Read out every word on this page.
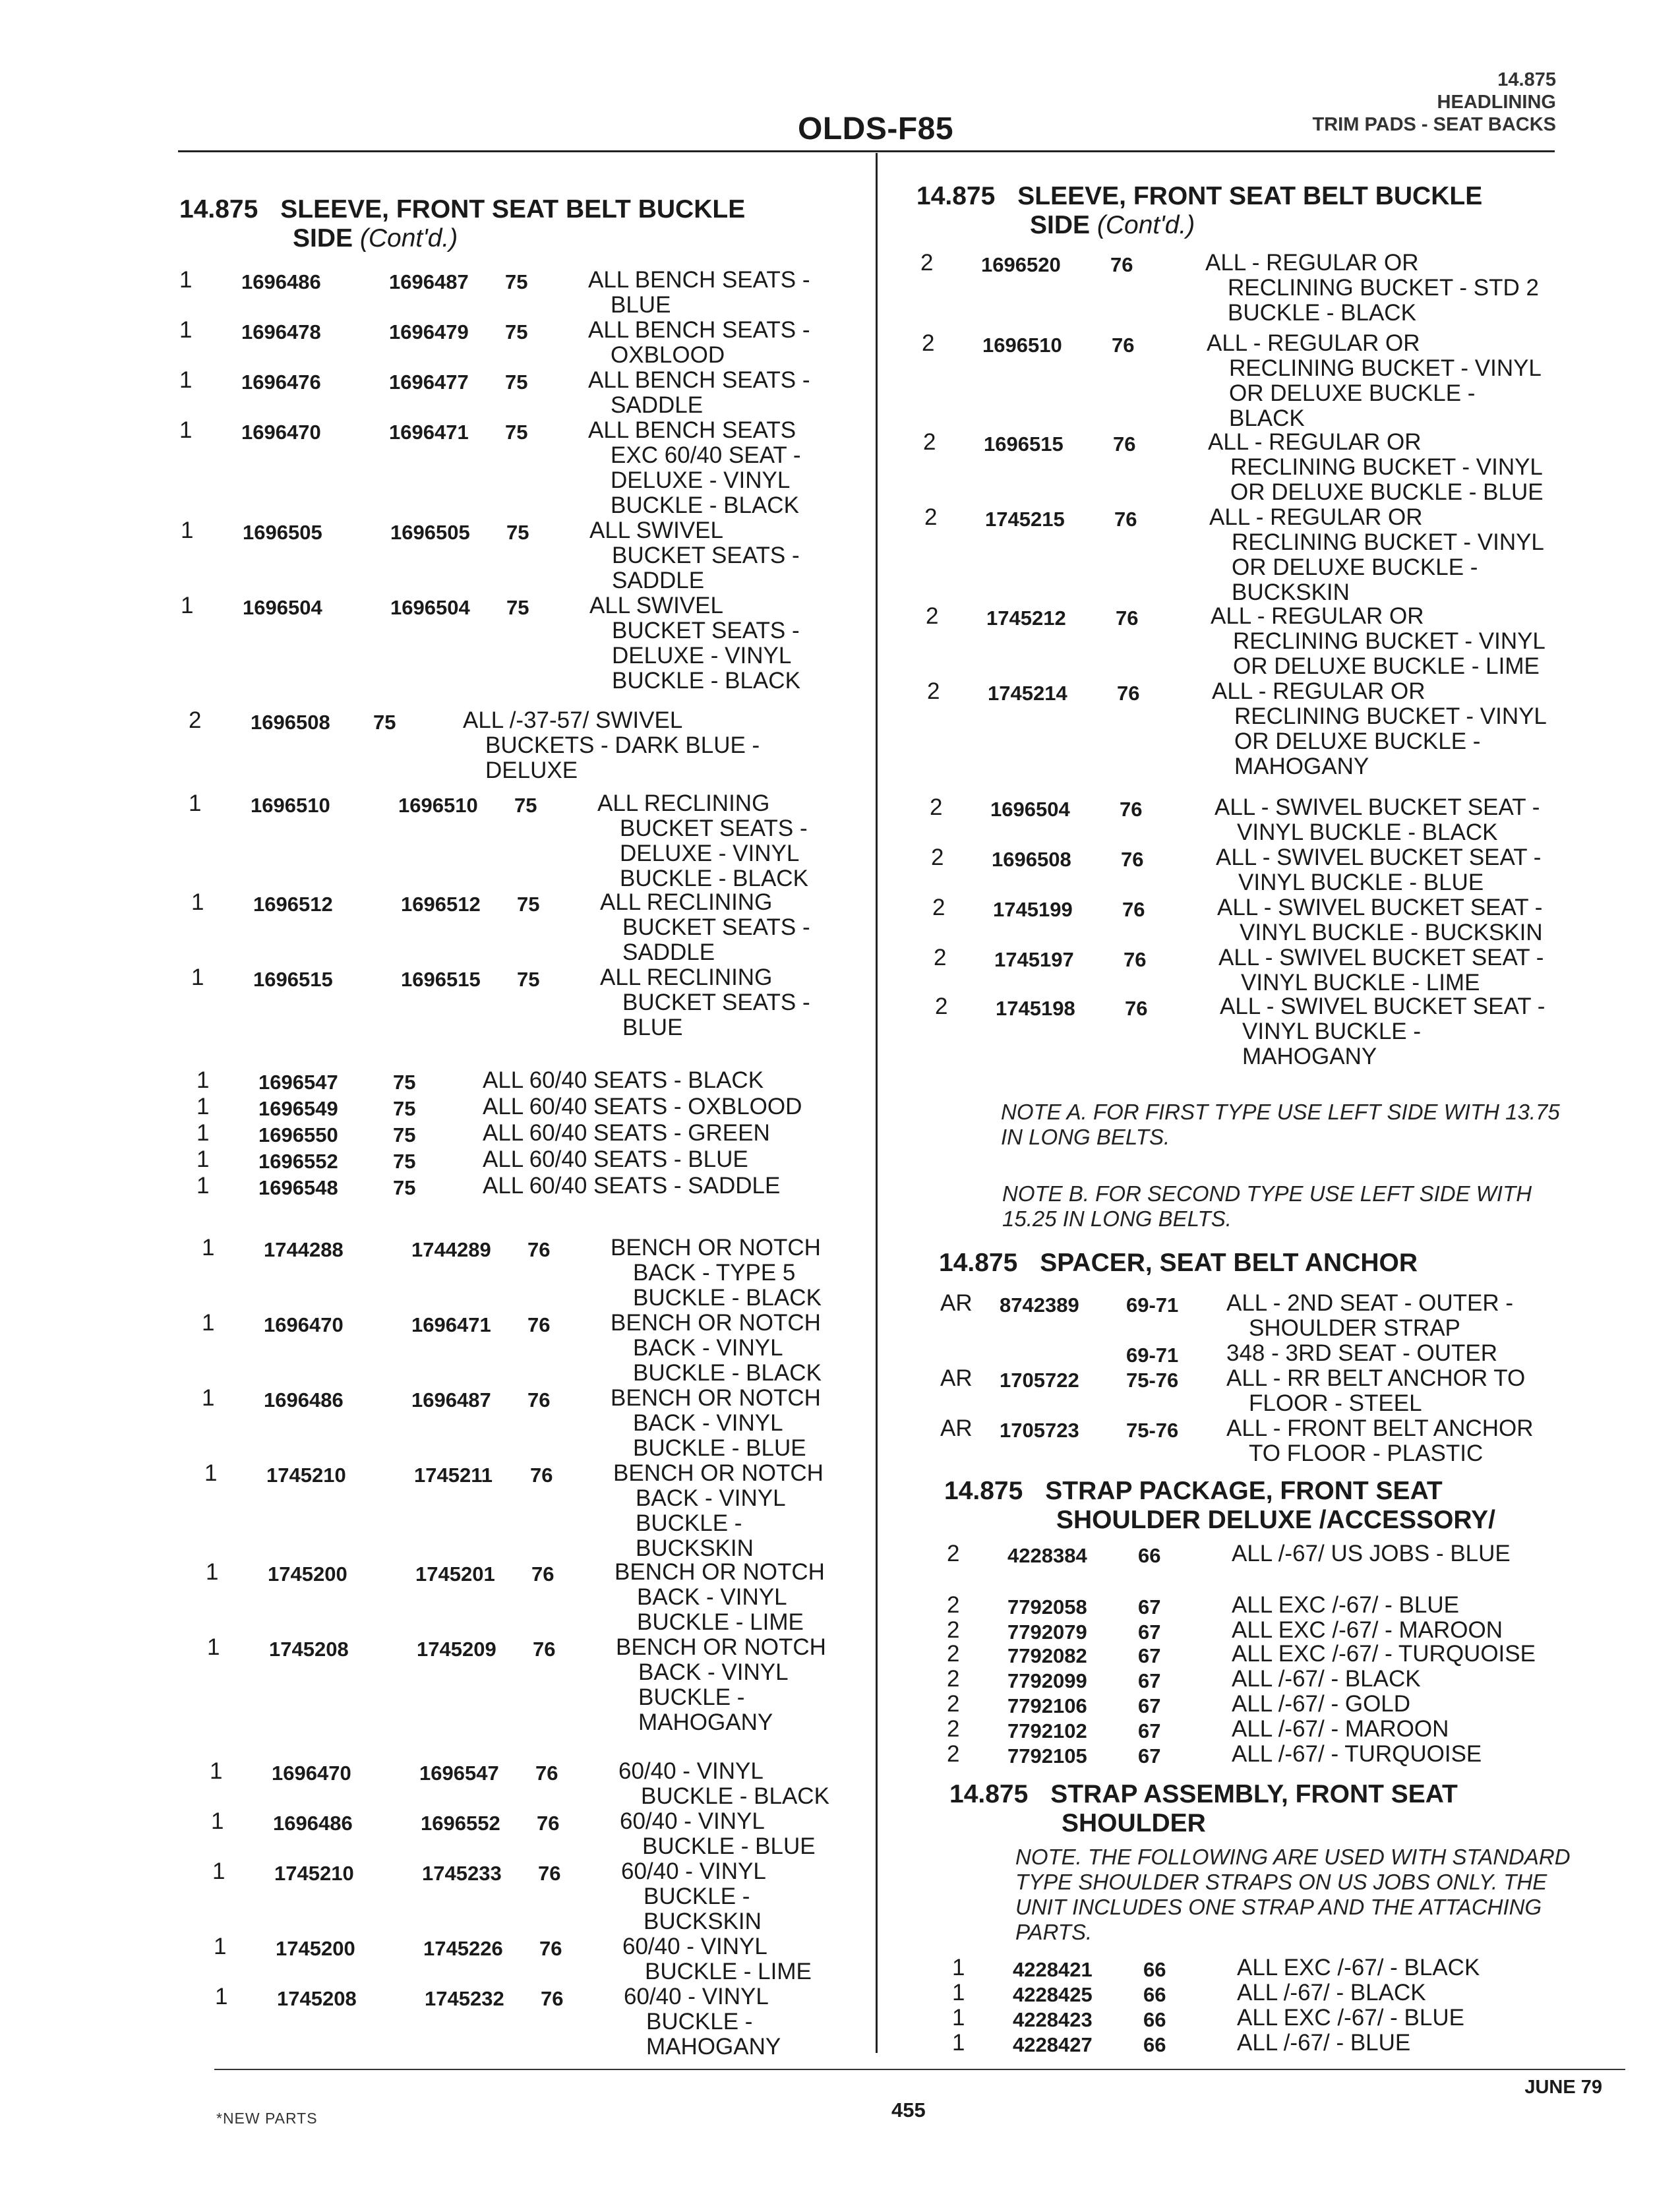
14.875
HEADLINING
TRIM PADS - SEAT BACKS
OLDS-F85
*NEW PARTS	455
JUNE 79
14.875 SLEEVE, FRONT SEAT BELT BUCKLE
SIDE (Cont'd.)
1 1696486	1696487 75	ALL BENCH SEATS -
BLUE
1 1696478	1696479 75	ALL BENCH SEATS -
OXBLOOD
1 1696476	1696477 75	ALL BENCH SEATS -
SADDLE
1 1696470	1696471 75	ALL BENCH SEATS
EXC 60/40 SEAT -
DELUXE - VINYL
BUCKLE - BLACK
1 1696505	1696505 75	ALL SWIVEL
BUCKET SEATS -
SADDLE
1 1696504	1696504 75	ALL SWIVEL
BUCKET SEATS -
DELUXE - VINYL
BUCKLE - BLACK
2 1696508 75	ALL /-37-57/ SWIVEL
BUCKETS - DARK BLUE -
DELUXE
1 1696510	1696510 75	ALL RECLINING
BUCKET SEATS -
DELUXE - VINYL
BUCKLE - BLACK
1 1696512	1696512 75	ALL RECLINING
BUCKET SEATS -
SADDLE
1 1696515	1696515 75	ALL RECLINING
BUCKET SEATS -
BLUE
1 1696547	75	ALL 60/40 SEATS - BLACK
1 1696549	75	ALL 60/40 SEATS - OXBLOOD
1 1696550	75	ALL 60/40 SEATS - GREEN
1 1696552	75	ALL 60/40 SEATS - BLUE
1 1696548	75	ALL 60/40 SEATS - SADDLE
1 1744288	1744289 76	BENCH OR NOTCH
BACK - TYPE 5
BUCKLE - BLACK
1 1696470	1696471 76	BENCH OR NOTCH
BACK - VINYL
BUCKLE - BLACK
1 1696486	1696487 76	BENCH OR NOTCH
BACK - VINYL
BUCKLE - BLUE
1 1745210	1745211 76	BENCH OR NOTCH
BACK - VINYL
BUCKLE -
BUCKSKIN
1 1745200	1745201 76	BENCH OR NOTCH
BACK - VINYL
BUCKLE - LIME
1 1745208	1745209 76	BENCH OR NOTCH
BACK - VINYL
BUCKLE -
MAHOGANY
1 1696470	1696547 76	60/40 - VINYL
BUCKLE - BLACK
1 1696486	1696552 76	60/40 - VINYL
BUCKLE - BLUE
1 1745210	1745233 76	60/40 - VINYL
BUCKLE -
BUCKSKIN
1 1745200	1745226 76	60/40 - VINYL
BUCKLE - LIME
1 1745208	1745232 76	60/40 - VINYL
BUCKLE -
MAHOGANY
14.875 SLEEVE, FRONT SEAT BELT BUCKLE
SIDE (Cont'd.)
2 1696520 76	ALL - REGULAR OR
RECLINING BUCKET - STD 2
BUCKLE - BLACK
2 1696510 76	ALL - REGULAR OR
RECLINING BUCKET - VINYL
OR DELUXE BUCKLE -
BLACK
2 1696515 76	ALL - REGULAR OR
RECLINING BUCKET - VINYL
OR DELUXE BUCKLE - BLUE
2 1745215 76	ALL - REGULAR OR
RECLINING BUCKET - VINYL
OR DELUXE BUCKLE -
BUCKSKIN
2 1745212 76	ALL - REGULAR OR
RECLINING BUCKET - VINYL
OR DELUXE BUCKLE - LIME
2 1745214 76	ALL - REGULAR OR
RECLINING BUCKET - VINYL
OR DELUXE BUCKLE -
MAHOGANY
2 1696504 76	ALL - SWIVEL BUCKET SEAT -
VINYL BUCKLE - BLACK
2 1696508 76	ALL - SWIVEL BUCKET SEAT -
VINYL BUCKLE - BLUE
2 1745199 76	ALL - SWIVEL BUCKET SEAT -
VINYL BUCKLE - BUCKSKIN
2 1745197 76	ALL - SWIVEL BUCKET SEAT -
VINYL BUCKLE - LIME
2 1745198 76	ALL - SWIVEL BUCKET SEAT -
VINYL BUCKLE -
MAHOGANY
NOTE A. FOR FIRST TYPE USE LEFT SIDE WITH 13.75
IN LONG BELTS.
NOTE B. FOR SECOND TYPE USE LEFT SIDE WITH
15.25 IN LONG BELTS.
14.875 SPACER, SEAT BELT ANCHOR
AR 8742389 69-71 ALL - 2ND SEAT - OUTER -
SHOULDER STRAP
69-71 348 - 3RD SEAT - OUTER
AR 1705722 75-76 ALL - RR BELT ANCHOR TO
FLOOR - STEEL
AR 1705723 75-76 ALL - FRONT BELT ANCHOR
TO FLOOR - PLASTIC
14.875 STRAP PACKAGE, FRONT SEAT
SHOULDER DELUXE /ACCESSORY/
2 4228384 66	ALL /-67/ US JOBS - BLUE
2 7792058 67	ALL EXC /-67/ - BLUE
2 7792079 67	ALL EXC /-67/ - MAROON
2 7792082 67	ALL EXC /-67/ - TURQUOISE
2 7792099 67	ALL /-67/ - BLACK
2 7792106 67	ALL /-67/ - GOLD
2 7792102 67	ALL /-67/ - MAROON
2 7792105 67	ALL /-67/ - TURQUOISE
14.875 STRAP ASSEMBLY, FRONT SEAT
SHOULDER
NOTE. THE FOLLOWING ARE USED WITH STANDARD
TYPE SHOULDER STRAPS ON US JOBS ONLY. THE
UNIT INCLUDES ONE STRAP AND THE ATTACHING
PARTS.
1 4228421 66	ALL EXC /-67/ - BLACK
1 4228425 66	ALL /-67/ - BLACK
1 4228423 66	ALL EXC /-67/ - BLUE
1 4228427 66	ALL /-67/ - BLUE
